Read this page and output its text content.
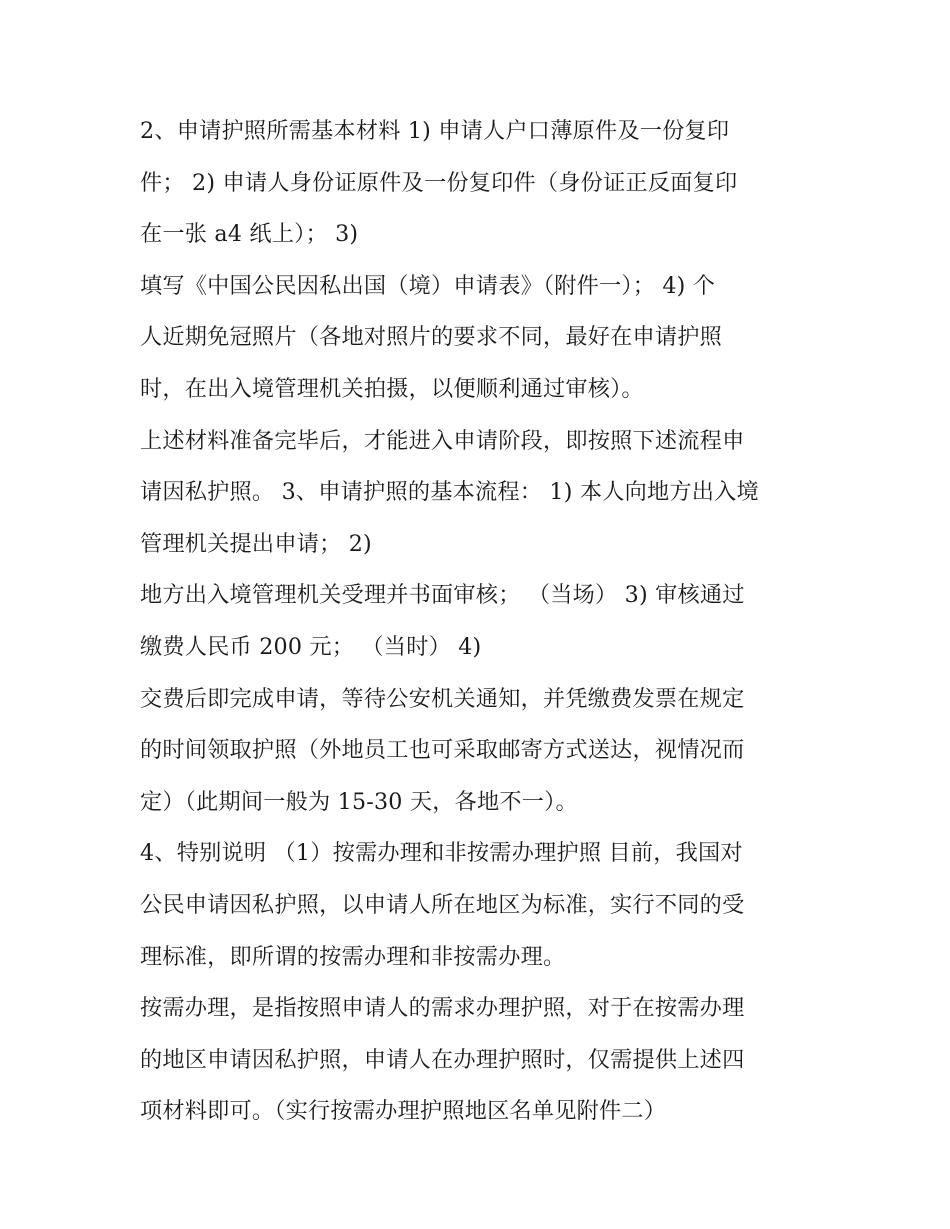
2、申请护照所需基本材料 1) 申请人户口薄原件及一份复印
件； 2) 申请人身份证原件及一份复印件（身份证正反面复印
在一张 a4 纸上）； 3)
填写《中国公民因私出国（境）申请表》（附件一）； 4) 个
人近期免冠照片（各地对照片的要求不同，最好在申请护照
时，在出入境管理机关拍摄，以便顺利通过审核）。
上述材料准备完毕后，才能进入申请阶段，即按照下述流程申
请因私护照。 3、申请护照的基本流程： 1) 本人向地方出入境
管理机关提出申请； 2)
地方出入境管理机关受理并书面审核； （当场） 3) 审核通过
缴费人民币 200 元； （当时） 4)
交费后即完成申请，等待公安机关通知，并凭缴费发票在规定
的时间领取护照（外地员工也可采取邮寄方式送达，视情况而
定）（此期间一般为 15-30 天，各地不一）。
4、特别说明 （1）按需办理和非按需办理护照 目前，我国对
公民申请因私护照，以申请人所在地区为标准，实行不同的受
理标准，即所谓的按需办理和非按需办理。
按需办理，是指按照申请人的需求办理护照，对于在按需办理
的地区申请因私护照，申请人在办理护照时，仅需提供上述四
项材料即可。（实行按需办理护照地区名单见附件二）
